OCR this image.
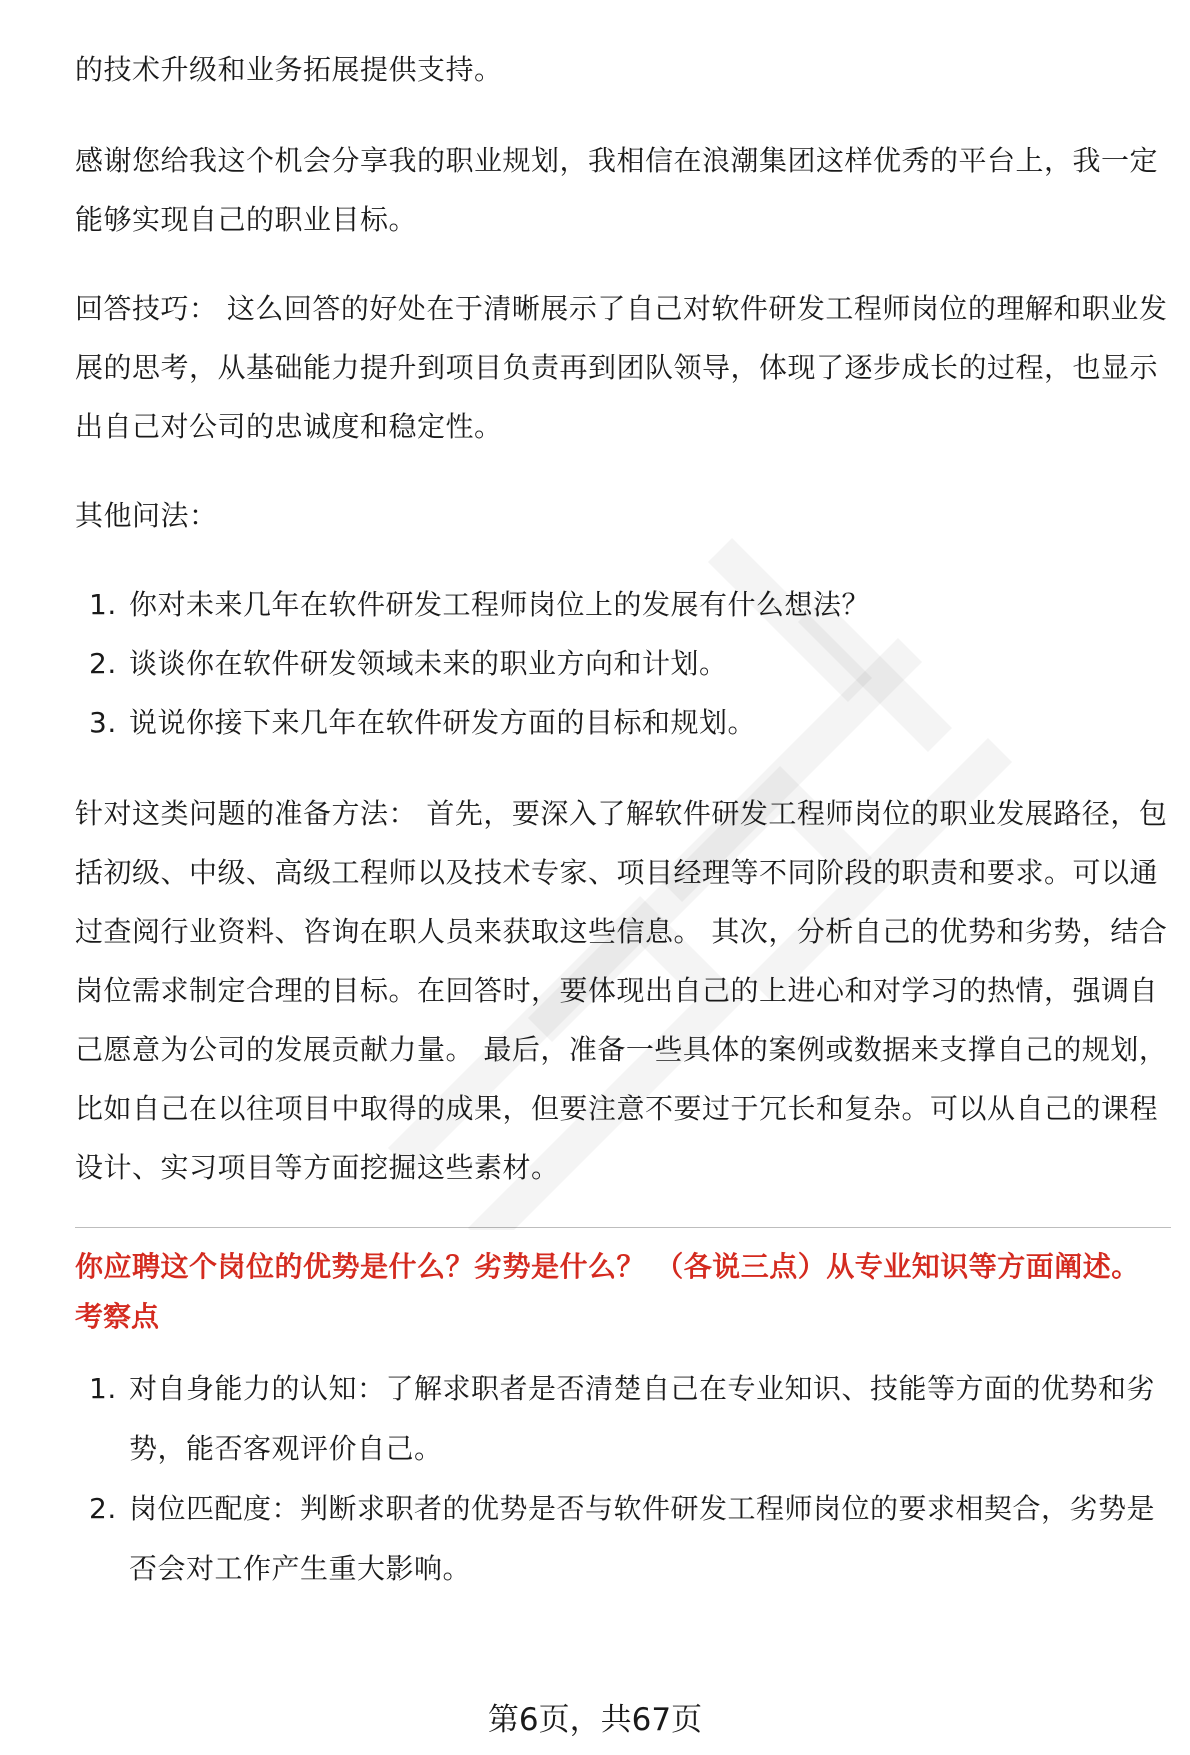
的技术升级和业务拓展提供支持。

感谢您给我这个机会分享我的职业规划，我相信在浪潮集团这样优秀的平台上，我一定能够实现自己的职业目标。

回答技巧： 这么回答的好处在于清晰展示了自己对软件研发工程师岗位的理解和职业发展的思考，从基础能力提升到项目负责再到团队领导，体现了逐步成长的过程，也显示出自己对公司的忠诚度和稳定性。

其他问法：

1. 你对未来几年在软件研发工程师岗位上的发展有什么想法？
2. 谈谈你在软件研发领域未来的职业方向和计划。
3. 说说你接下来几年在软件研发方面的目标和规划。

针对这类问题的准备方法： 首先，要深入了解软件研发工程师岗位的职业发展路径，包括初级、中级、高级工程师以及技术专家、项目经理等不同阶段的职责和要求。可以通过查阅行业资料、咨询在职人员来获取这些信息。 其次，分析自己的优势和劣势，结合岗位需求制定合理的目标。在回答时，要体现出自己的上进心和对学习的热情，强调自己愿意为公司的发展贡献力量。 最后，准备一些具体的案例或数据来支撑自己的规划，比如自己在以往项目中取得的成果，但要注意不要过于冗长和复杂。可以从自己的课程设计、实习项目等方面挖掘这些素材。

你应聘这个岗位的优势是什么？劣势是什么？ （各说三点）从专业知识等方面阐述。
考察点
1. 对自身能力的认知：了解求职者是否清楚自己在专业知识、技能等方面的优势和劣势，能否客观评价自己。
2. 岗位匹配度：判断求职者的优势是否与软件研发工程师岗位的要求相契合，劣势是否会对工作产生重大影响。
第6页，共67页
